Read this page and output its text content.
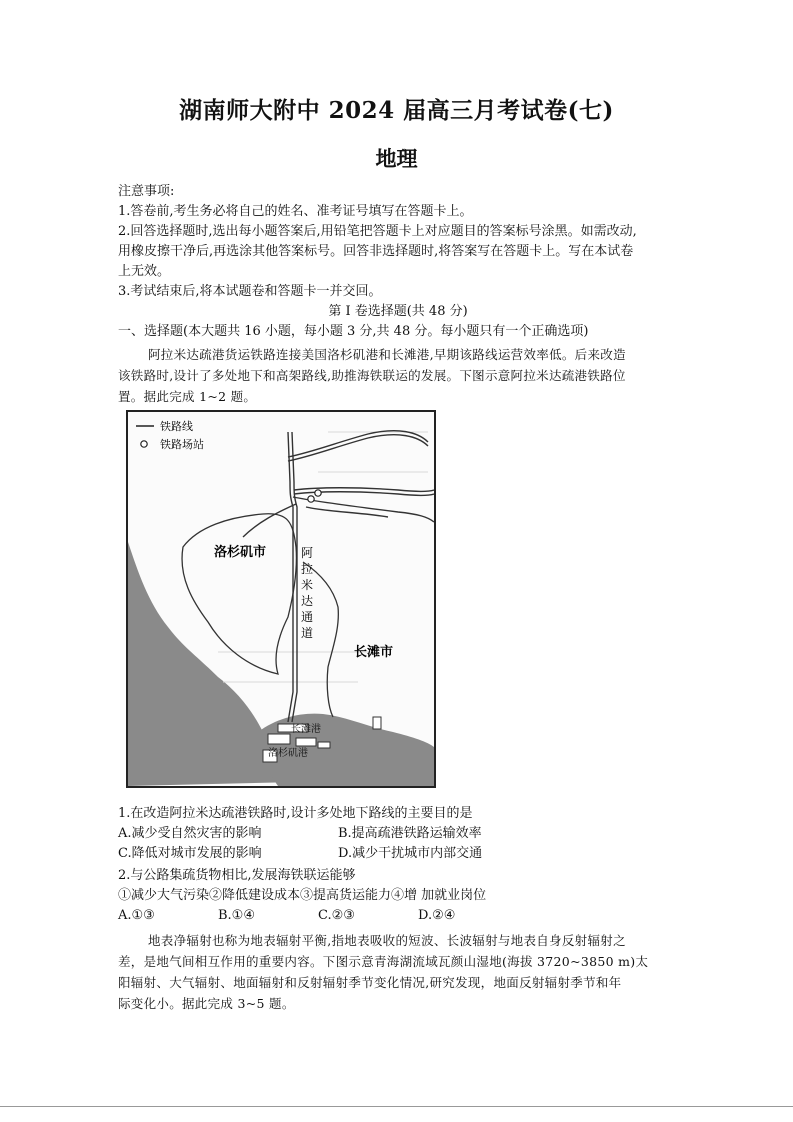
湖南师大附中 2024 届高三月考试卷(七)
地理
注意事项:
1.答卷前,考生务必将自己的姓名、准考证号填写在答题卡上。
2.回答选择题时,选出每小题答案后,用铅笔把答题卡上对应题目的答案标号涂黑。如需改动,
用橡皮擦干净后,再选涂其他答案标号。回答非选择题时,将答案写在答题卡上。写在本试卷
上无效。
3.考试结束后,将本试题卷和答题卡一并交回。
第 I 卷选择题(共 48 分)
一、选择题(本大题共 16 小题，每小题 3 分,共 48 分。每小题只有一个正确选项)
阿拉米达疏港货运铁路连接美国洛杉矶港和长滩港,早期该路线运营效率低。后来改造
该铁路时,设计了多处地下和高架路线,助推海铁联运的发展。下图示意阿拉米达疏港铁路位
置。据此完成 1~2 题。
铁路线
铁路场站
洛杉矶市	阿
拉
米
达
通
道
长滩市
长滩港
洛杉矶港
1.在改造阿拉米达疏港铁路时,设计多处地下路线的主要目的是
A.减少受自然灾害的影响	B.提高疏港铁路运输效率
C.降低对城市发展的影响	D.减少干扰城市内部交通
2.与公路集疏货物相比,发展海铁联运能够
①减少大气污染②降低建设成本③提高货运能力④增 加就业岗位
A.①③	B.①④	C.②③	D.②④
地表净辐射也称为地表辐射平衡,指地表吸收的短波、长波辐射与地表自身反射辐射之
差，是地气间相互作用的重要内容。下图示意青海湖流域瓦颜山湿地(海拔 3720~3850 m)太
阳辐射、大气辐射、地面辐射和反射辐射季节变化情况,研究发现，地面反射辐射季节和年
际变化小。据此完成 3~5 题。
